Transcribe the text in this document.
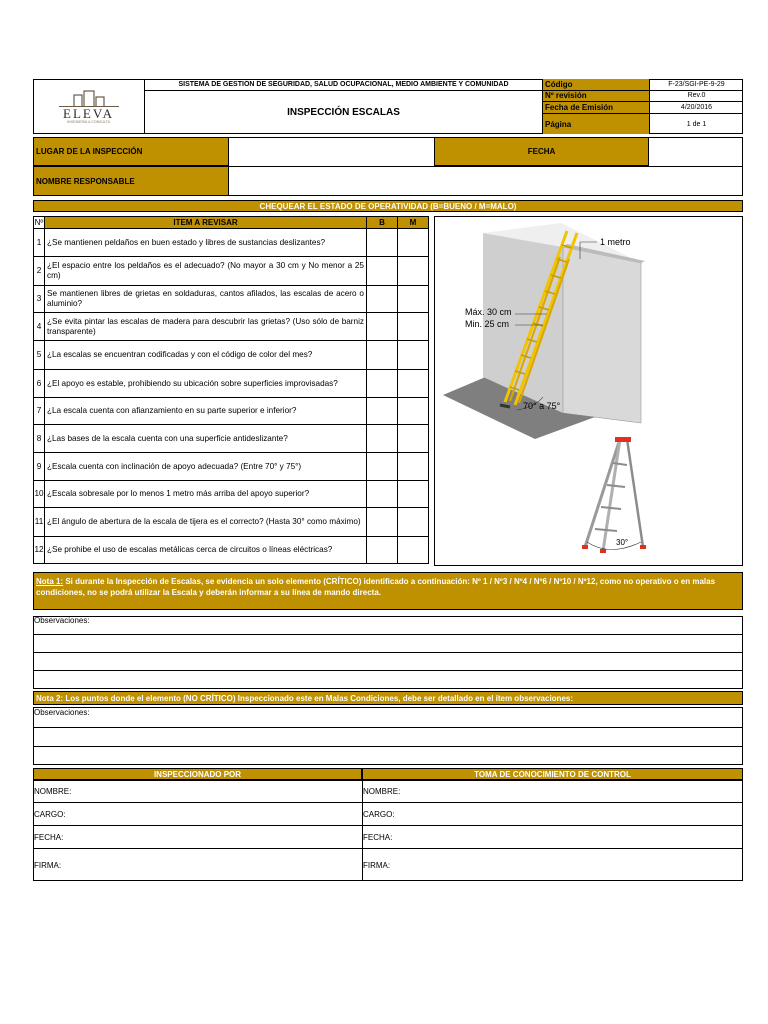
ELEVA
INGENIERÍA & CONSULTA
SISTEMA DE GESTIÓN DE SEGURIDAD, SALUD OCUPACIONAL, MEDIO AMBIENTE Y COMUNIDAD
INSPECCIÓN ESCALAS
Código	F-23/SGI-PE-9-29
Nº revisión	Rev.0
Fecha de Emisión	4/20/2016
Página	1 de 1
LUGAR DE LA INSPECCIÓN	FECHA
NOMBRE RESPONSABLE
CHEQUEAR EL ESTADO DE OPERATIVIDAD (B=BUENO / M=MALO)
Nº	ITEM A REVISAR	B	M
1	¿Se mantienen peldaños en buen estado y libres de sustancias deslizantes?		
2	¿El espacio entre los peldaños es el adecuado? (No mayor a 30 cm y No menor a 25 cm)		
3	Se mantienen libres de grietas en soldaduras, cantos afilados, las escalas de acero o aluminio?		
4	¿Se evita pintar las escalas de madera para descubrir las grietas? (Uso sólo de barniz transparente)		
5	¿La escalas se encuentran codificadas y con el código de color del mes?		
6	¿El apoyo es estable, prohibiendo su ubicación sobre superficies improvisadas?		
7	¿La escala cuenta con afianzamiento en su parte superior e inferior?		
8	¿Las bases de la escala cuenta con una superficie antideslizante?		
9	¿Escala cuenta con inclinación de apoyo adecuada? (Entre 70° y 75°)		
10	¿Escala sobresale por lo menos 1 metro más arriba del apoyo superior?		
11	¿El ángulo de abertura de la escala de tijera es el correcto? (Hasta 30° como máximo)		
12	¿Se prohibe el uso de escalas metálicas cerca de circuitos o líneas eléctricas?		
1 metro
Máx. 30 cm
Min. 25 cm
70° a 75°
30°
Nota 1: Si durante la Inspección de Escalas, se evidencia un solo elemento (CRÍTICO) identificado a continuación: Nº 1 / Nº3 / Nº4 / Nº6 / Nº10 / Nº12, como no operativo o en malas condiciones, no se podrá utilizar la Escala y deberán informar a su línea de mando directa.
Observaciones:
Nota 2: Los puntos donde el elemento (NO CRÍTICO) Inspeccionado este en Malas Condiciones, debe ser detallado en el ítem observaciones:
Observaciones:
INSPECCIONADO POR	TOMA DE CONOCIMIENTO DE CONTROL
NOMBRE:
CARGO:
FECHA:
FIRMA:
NOMBRE:
CARGO:
FECHA:
FIRMA:
